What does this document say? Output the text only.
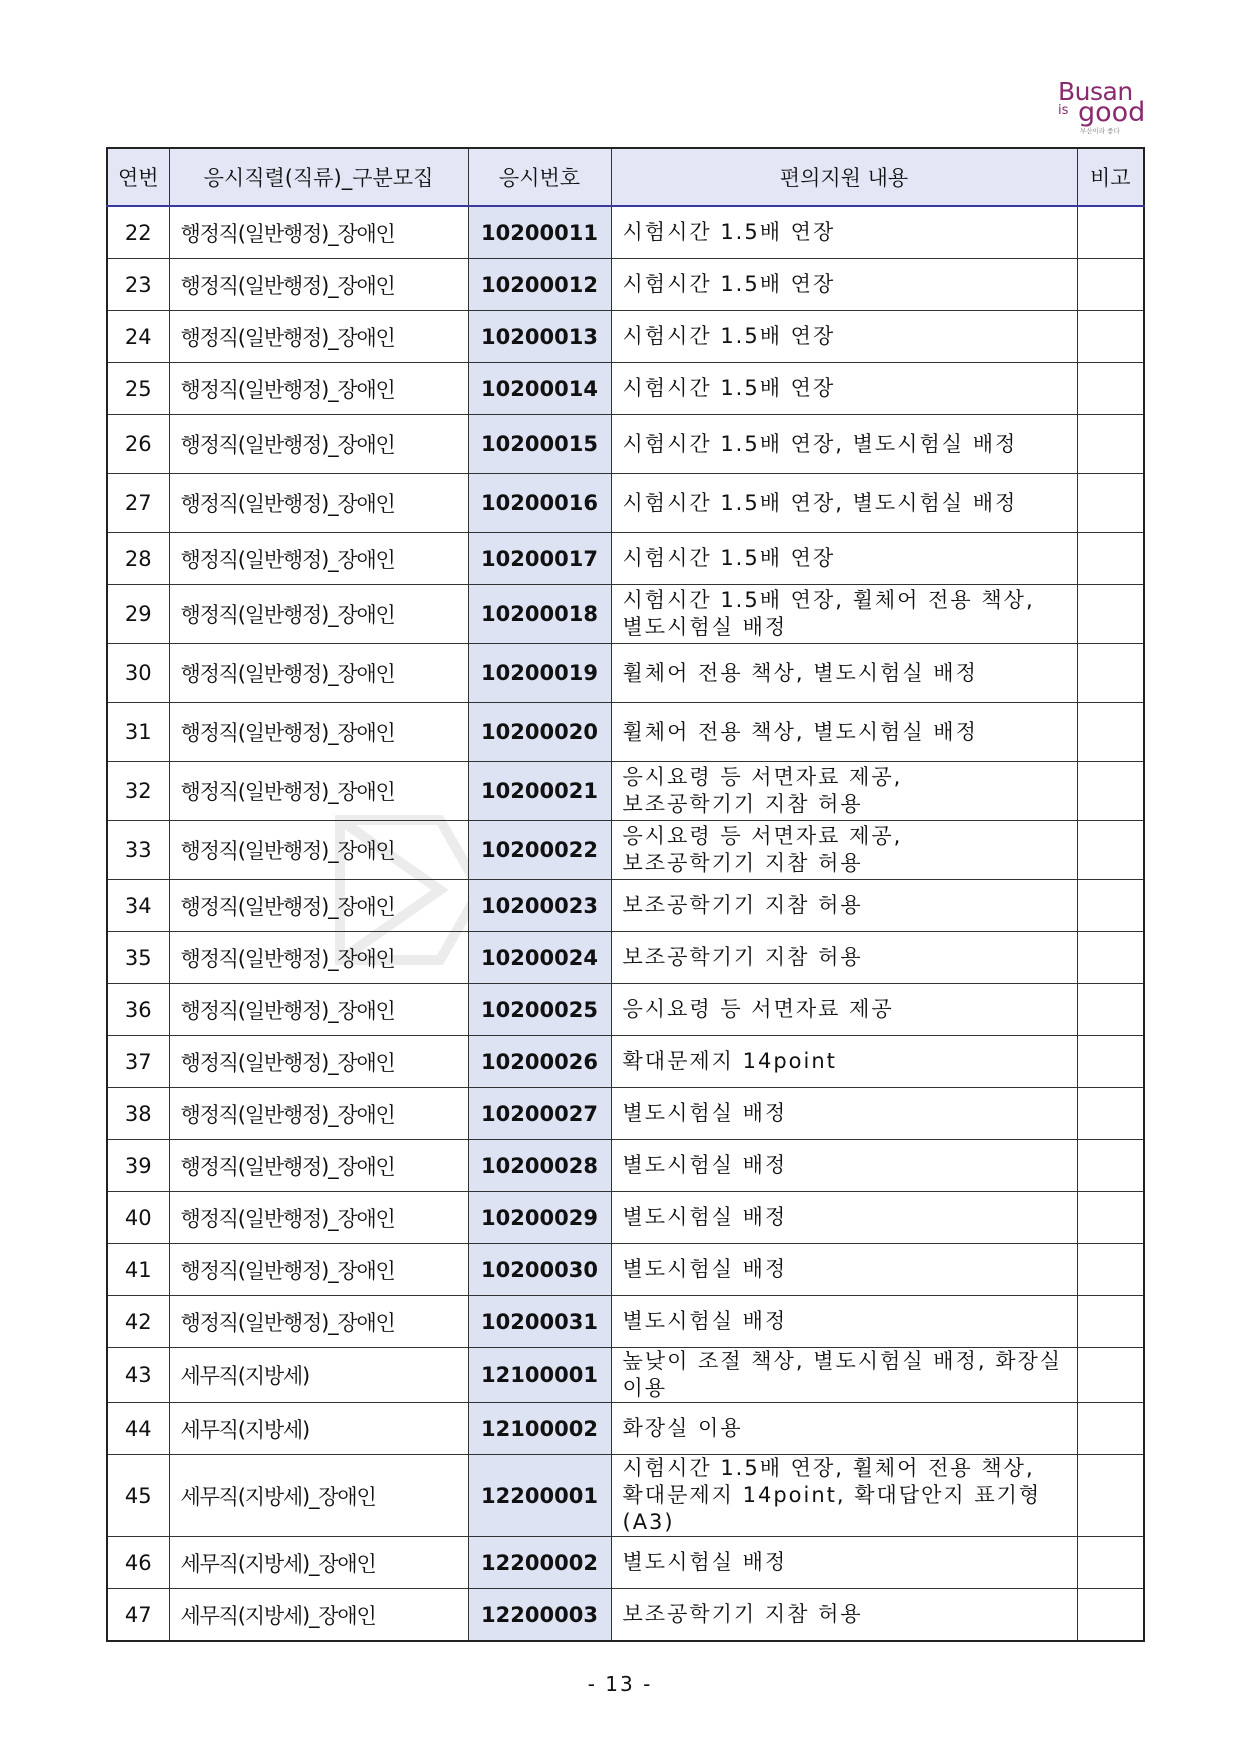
Busan
is good
부산이라 좋다
연번	응시직렬(직류)_구분모집	응시번호	편의지원 내용	비고
22	행정직(일반행정)_장애인	10200011	시험시간 1.5배 연장	

23	행정직(일반행정)_장애인	10200012	시험시간 1.5배 연장	

24	행정직(일반행정)_장애인	10200013	시험시간 1.5배 연장	

25	행정직(일반행정)_장애인	10200014	시험시간 1.5배 연장	

26	행정직(일반행정)_장애인	10200015	시험시간 1.5배 연장, 별도시험실 배정	

27	행정직(일반행정)_장애인	10200016	시험시간 1.5배 연장, 별도시험실 배정	

28	행정직(일반행정)_장애인	10200017	시험시간 1.5배 연장	

29	행정직(일반행정)_장애인	10200018	시험시간 1.5배 연장, 휠체어 전용 책상,
별도시험실 배정	

30	행정직(일반행정)_장애인	10200019	휠체어 전용 책상, 별도시험실 배정	

31	행정직(일반행정)_장애인	10200020	휠체어 전용 책상, 별도시험실 배정	

32	행정직(일반행정)_장애인	10200021	응시요령 등 서면자료 제공,
보조공학기기 지참 허용	

33	행정직(일반행정)_장애인	10200022	응시요령 등 서면자료 제공,
보조공학기기 지참 허용	

34	행정직(일반행정)_장애인	10200023	보조공학기기 지참 허용	

35	행정직(일반행정)_장애인	10200024	보조공학기기 지참 허용	

36	행정직(일반행정)_장애인	10200025	응시요령 등 서면자료 제공	

37	행정직(일반행정)_장애인	10200026	확대문제지 14point	

38	행정직(일반행정)_장애인	10200027	별도시험실 배정	

39	행정직(일반행정)_장애인	10200028	별도시험실 배정	

40	행정직(일반행정)_장애인	10200029	별도시험실 배정	

41	행정직(일반행정)_장애인	10200030	별도시험실 배정	

42	행정직(일반행정)_장애인	10200031	별도시험실 배정	

43	세무직(지방세)	12100001	높낮이 조절 책상, 별도시험실 배정, 화장실 이용	

44	세무직(지방세)	12100002	화장실 이용	

45	세무직(지방세)_장애인	12200001	시험시간 1.5배 연장, 휠체어 전용 책상,
확대문제지 14point, 확대답안지 표기형(A3)	

46	세무직(지방세)_장애인	12200002	별도시험실 배정	

47	세무직(지방세)_장애인	12200003	보조공학기기 지참 허용	

- 13 -
